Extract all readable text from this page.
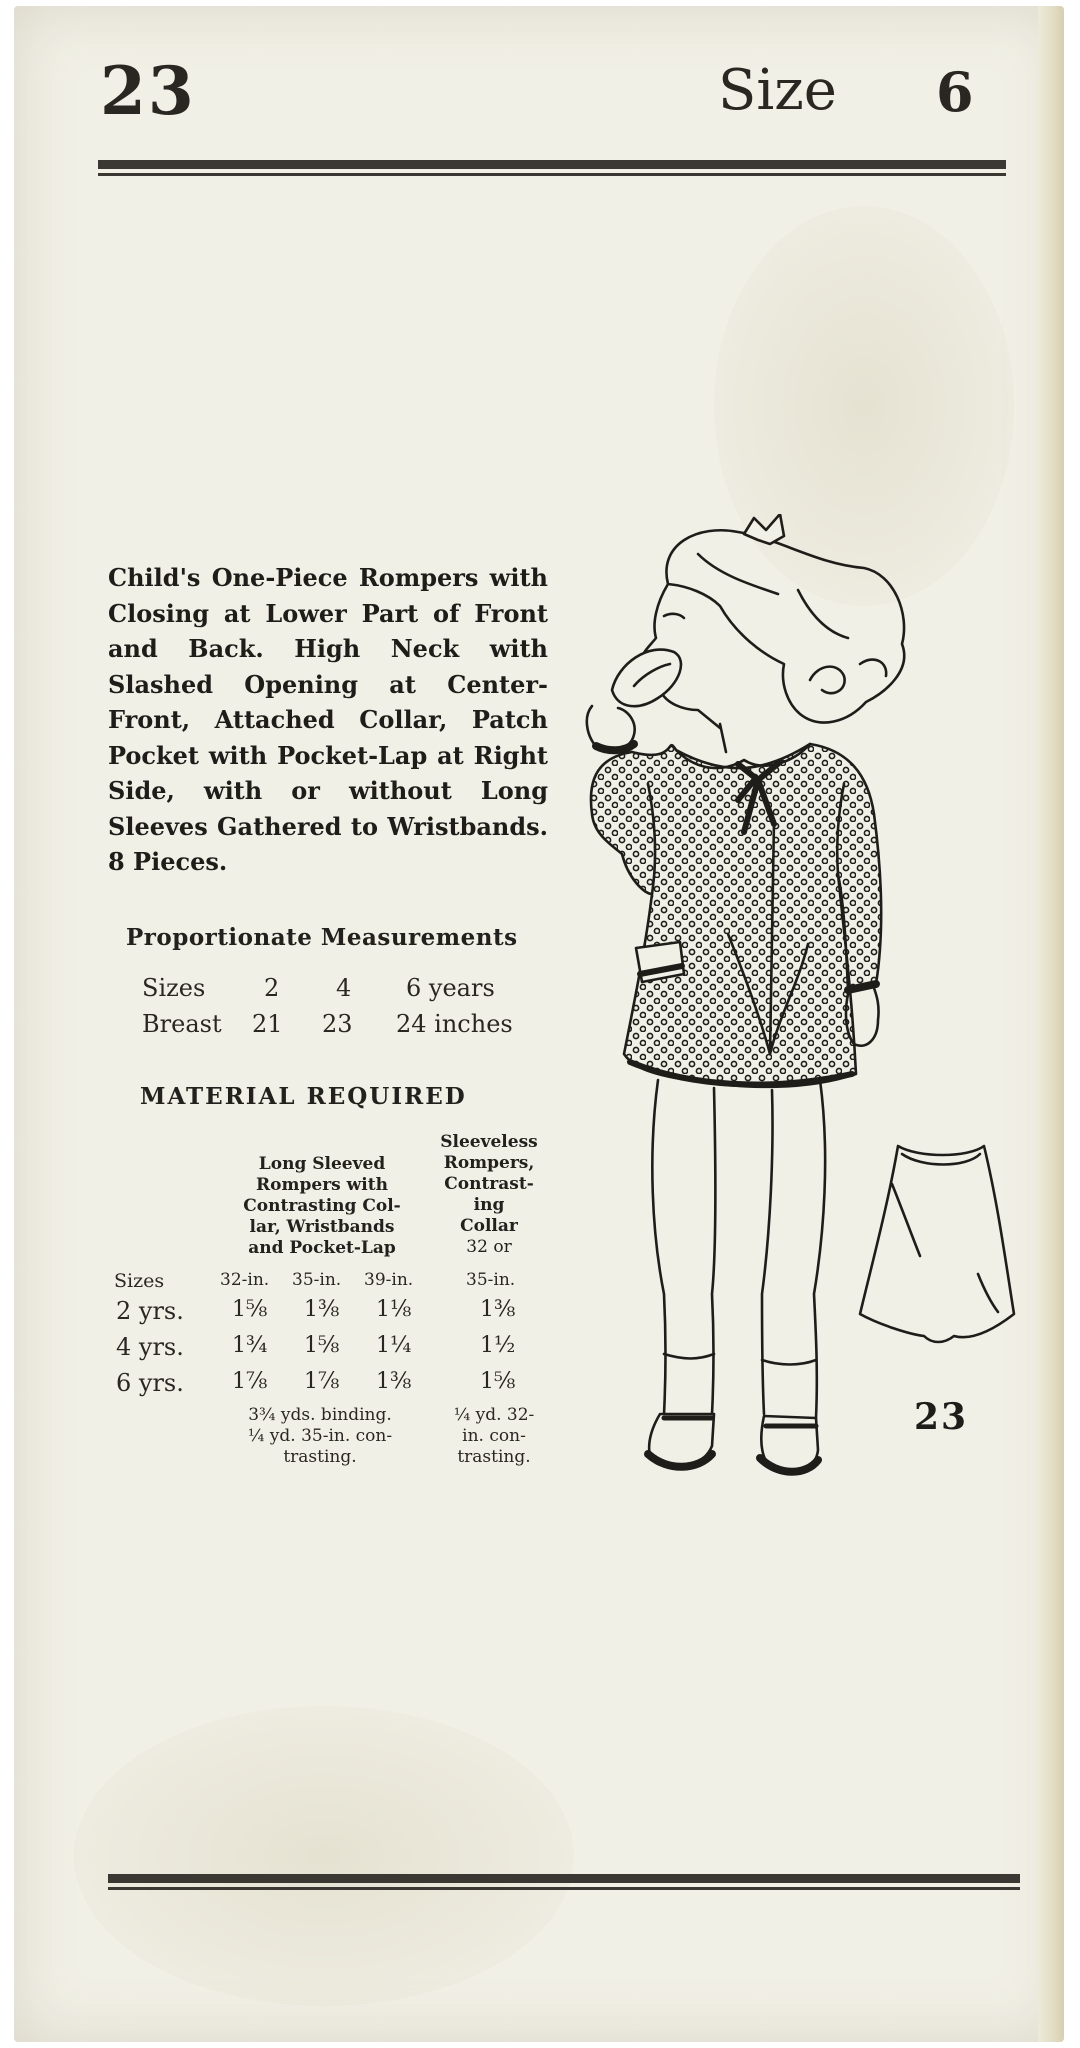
23	Size 6
Child's One-Piece Rompers with Closing at Lower Part of Front and Back. High Neck with Slashed Opening at Center-Front, Attached Collar, Patch Pocket with Pocket-Lap at Right Side, with or without Long Sleeves Gathered to Wristbands. 8 Pieces.
Proportionate Measurements
Sizes 2 4 6 years
Breast 21 23 24 inches
MATERIAL REQUIRED
Long Sleeved
Rompers with
Contrasting Col-
lar, Wristbands
and Pocket-Lap
Sleeveless
Rompers,
Contrast-
ing
Collar
32 or
Sizes	32-in. 35-in. 39-in.	35-in.
2 yrs. 1⅝ 1⅜ 1⅛	1⅜
4 yrs. 1¾ 1⅝ 1¼	1½
6 yrs. 1⅞ 1⅞ 1⅜	1⅝
3¾ yds. binding.
¼ yd. 35-in. con-
trasting.
¼ yd. 32-
in. con-
trasting.
23
